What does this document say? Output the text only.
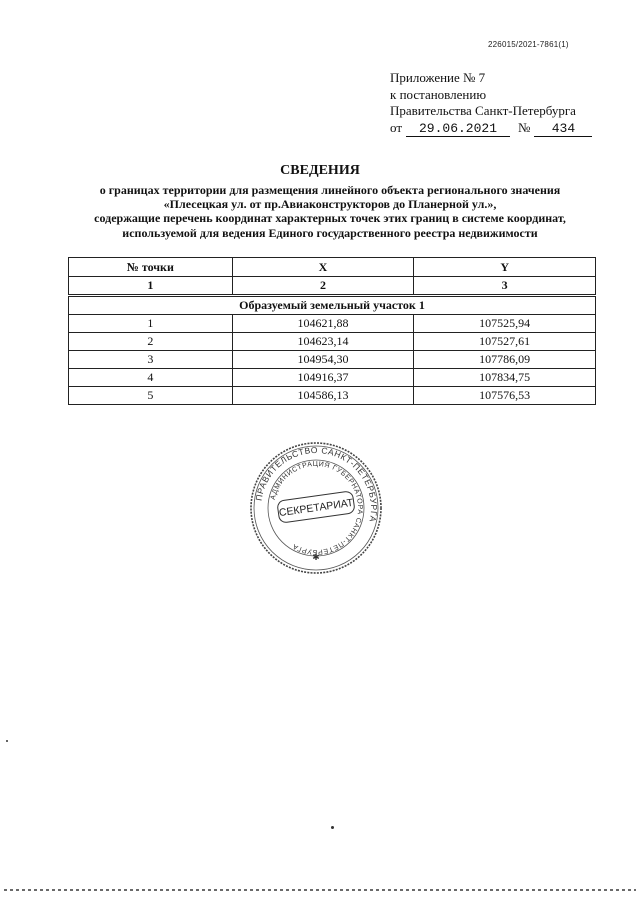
226015/2021-7861(1)
Приложение № 7
к постановлению
Правительства Санкт-Петербурга
от 29.06.2021 № 434
СВЕДЕНИЯ
о границах территории для размещения линейного объекта регионального значения
«Плесецкая ул. от пр.Авиаконструкторов до Планерной ул.»,
содержащие перечень координат характерных точек этих границ в системе координат,
используемой для ведения Единого государственного реестра недвижимости
№ точки	X	Y
1	2	3
Образуемый земельный участок 1		
1	104621,88	107525,94
2	104623,14	107527,61
3	104954,30	107786,09
4	104916,37	107834,75
5	104586,13	107576,53
ПРАВИТЕЛЬСТВО САНКТ-ПЕТЕРБУРГА
АДМИНИСТРАЦИЯ ГУБЕРНАТОРА САНКТ-ПЕТЕРБУРГА
СЕКРЕТАРИАТ
✱
